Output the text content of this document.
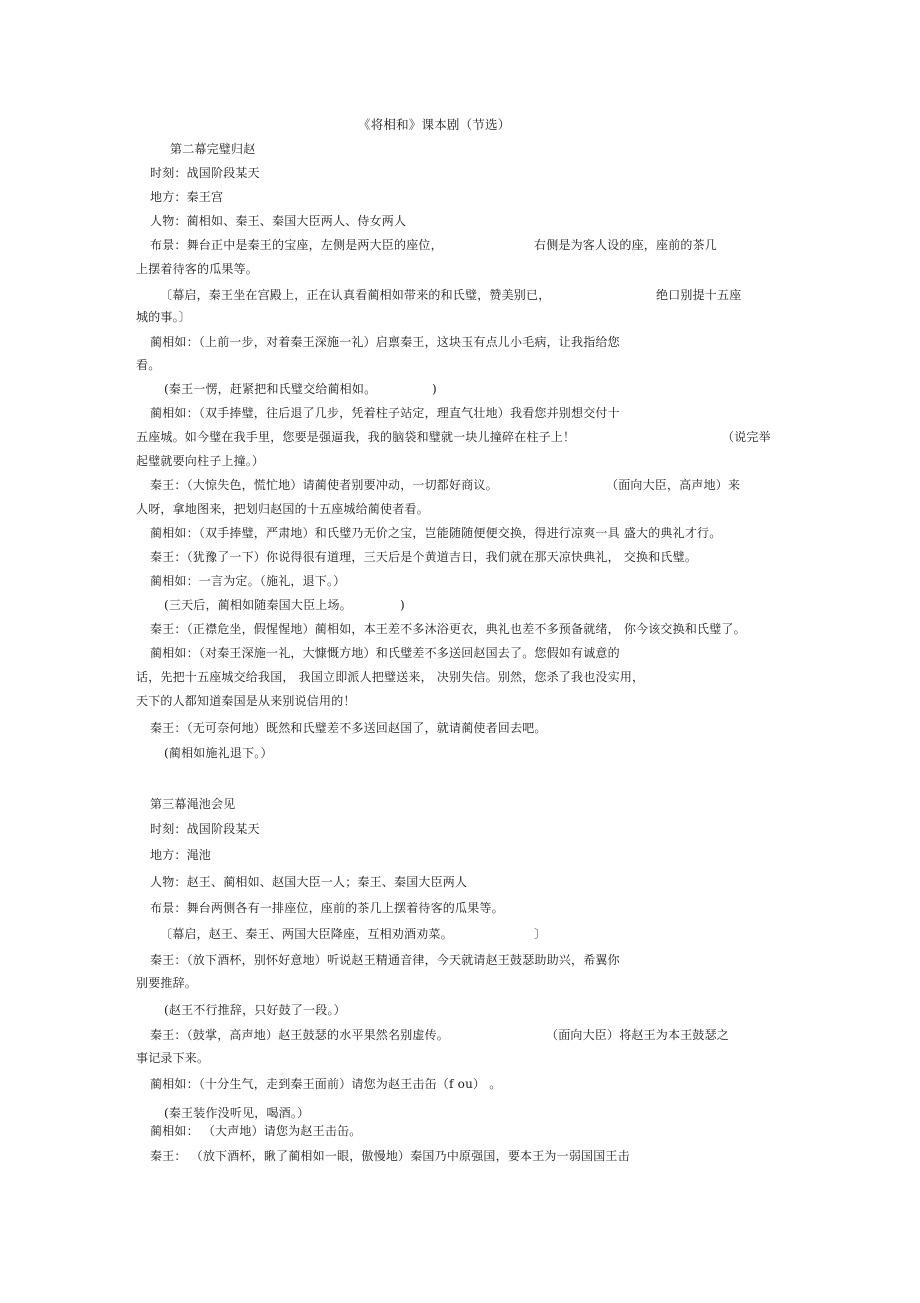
《将相和》课本剧（节选）
第二幕完璧归赵
时刻：战国阶段某天
地方：秦王宫
人物：蔺相如、秦王、秦国大臣两人、侍女两人
布景：舞台正中是秦王的宝座，左侧是两大臣的座位，	右侧是为客人设的座，座前的茶几
上摆着待客的瓜果等。
〔幕启，秦王坐在宫殿上，正在认真看蔺相如带来的和氏璧，赞美别已，	绝口别提十五座
城的事。〕
蔺相如：（上前一步，对着秦王深施一礼）启禀秦王，这块玉有点儿小毛病，让我指给您
看。
(秦王一愣，赶紧把和氏璧交给蔺相如。	)
蔺相如：（双手捧璧，往后退了几步，凭着柱子站定，理直气壮地）我看您并别想交付十
五座城。如今璧在我手里，您要是强逼我，我的脑袋和璧就一块儿撞碎在柱子上！	（说完举
起璧就要向柱子上撞。）
秦王：（大惊失色，慌忙地）请蔺使者别要冲动，一切都好商议。	（面向大臣，高声地）来
人呀，拿地图来，把划归赵国的十五座城给蔺使者看。
蔺相如：（双手捧璧，严肃地）和氏璧乃无价之宝，岂能随随便便交换，得进行凉爽一具 盛大的典礼才行。
秦王：（犹豫了一下）你说得很有道理，三天后是个黄道吉日，我们就在那天凉快典礼， 交换和氏璧。
蔺相如：一言为定。（施礼，退下。）
(三天后，蔺相如随秦国大臣上场。	)
秦王：（正襟危坐，假惺惺地）蔺相如，本王差不多沐浴更衣，典礼也差不多预备就绪， 你今该交换和氏璧了。
蔺相如：（对秦王深施一礼，大慷慨方地）和氏璧差不多送回赵国去了。您假如有诚意的
话，先把十五座城交给我国， 我国立即派人把璧送来， 决别失信。别然，您杀了我也没实用，
天下的人都知道秦国是从来别说信用的！
秦王：（无可奈何地）既然和氏璧差不多送回赵国了，就请蔺使者回去吧。
(蔺相如施礼退下。）
第三幕渑池会见
时刻：战国阶段某天
地方：渑池
人物：赵王、蔺相如、赵国大臣一人；秦王、秦国大臣两人
布景：舞台两侧各有一排座位，座前的茶几上摆着待客的瓜果等。
〔幕启，赵王、秦王、两国大臣降座，互相劝酒劝菜。	〕
秦王：（放下酒杯，别怀好意地）听说赵王精通音律，今天就请赵王鼓瑟助助兴，希翼你
别要推辞。
(赵王不行推辞，只好鼓了一段。）
秦王：（鼓掌，高声地）赵王鼓瑟的水平果然名别虚传。	（面向大臣）将赵王为本王鼓瑟之
事记录下来。
蔺相如：（十分生气，走到秦王面前）请您为赵王击缶（f ou） 。
(秦王装作没听见，喝酒。）
蔺相如： （大声地）请您为赵王击缶。
秦王： （放下酒杯，瞅了蔺相如一眼，傲慢地）秦国乃中原强国，要本王为一弱国国王击
